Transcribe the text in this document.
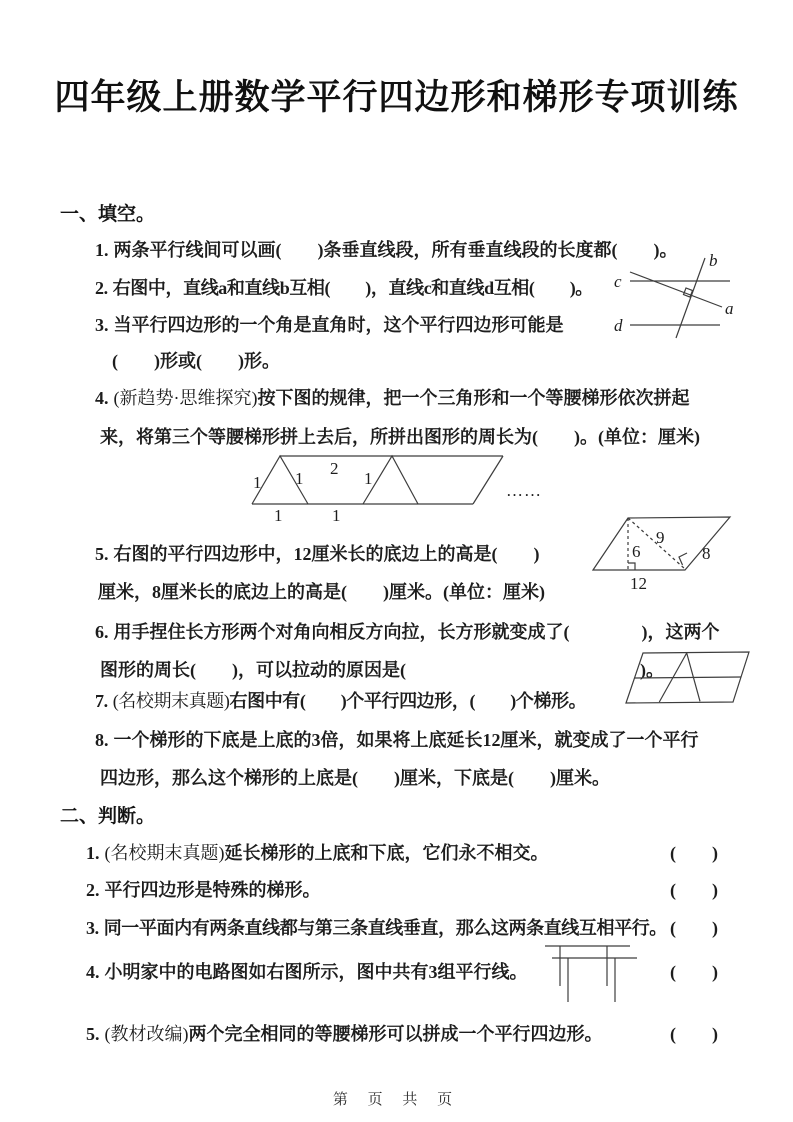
四年级上册数学平行四边形和梯形专项训练
一、填空。
1. 两条平行线间可以画(　　)条垂直线段，所有垂直线段的长度都(　　)。
2. 右图中，直线a和直线b互相(　　)，直线c和直线d互相(　　)。
3. 当平行四边形的一个角是直角时，这个平行四边形可能是
(　　)形或(　　)形。
4. (新趋势·思维探究)按下图的规律，把一个三角形和一个等腰梯形依次拼起
来，将第三个等腰梯形拼上去后，所拼出图形的周长为(　　)。(单位：厘米)
1 1
2
1	1
1
……
5. 右图的平行四边形中，12厘米长的底边上的高是(　　)
厘米，8厘米长的底边上的高是(　　)厘米。(单位：厘米)
6
9
8
12
6. 用手捏住长方形两个对角向相反方向拉，长方形就变成了(　　　　)，这两个
图形的周长(　　)，可以拉动的原因是(　　　　　　　　　　　　　)。
7. (名校期末真题)右图中有(　　)个平行四边形，(　　)个梯形。
8. 一个梯形的下底是上底的3倍，如果将上底延长12厘米，就变成了一个平行
四边形，那么这个梯形的上底是(　　)厘米，下底是(　　)厘米。
c
d
b
a
二、判断。
1. (名校期末真题)延长梯形的上底和下底，它们永不相交。	(　　)
2. 平行四边形是特殊的梯形。	(　　)
3. 同一平面内有两条直线都与第三条直线垂直，那么这两条直线互相平行。 (　　)
4. 小明家中的电路图如右图所示，图中共有3组平行线。	(　　)
5. (教材改编)两个完全相同的等腰梯形可以拼成一个平行四边形。	(　　)
第 页 共 页
